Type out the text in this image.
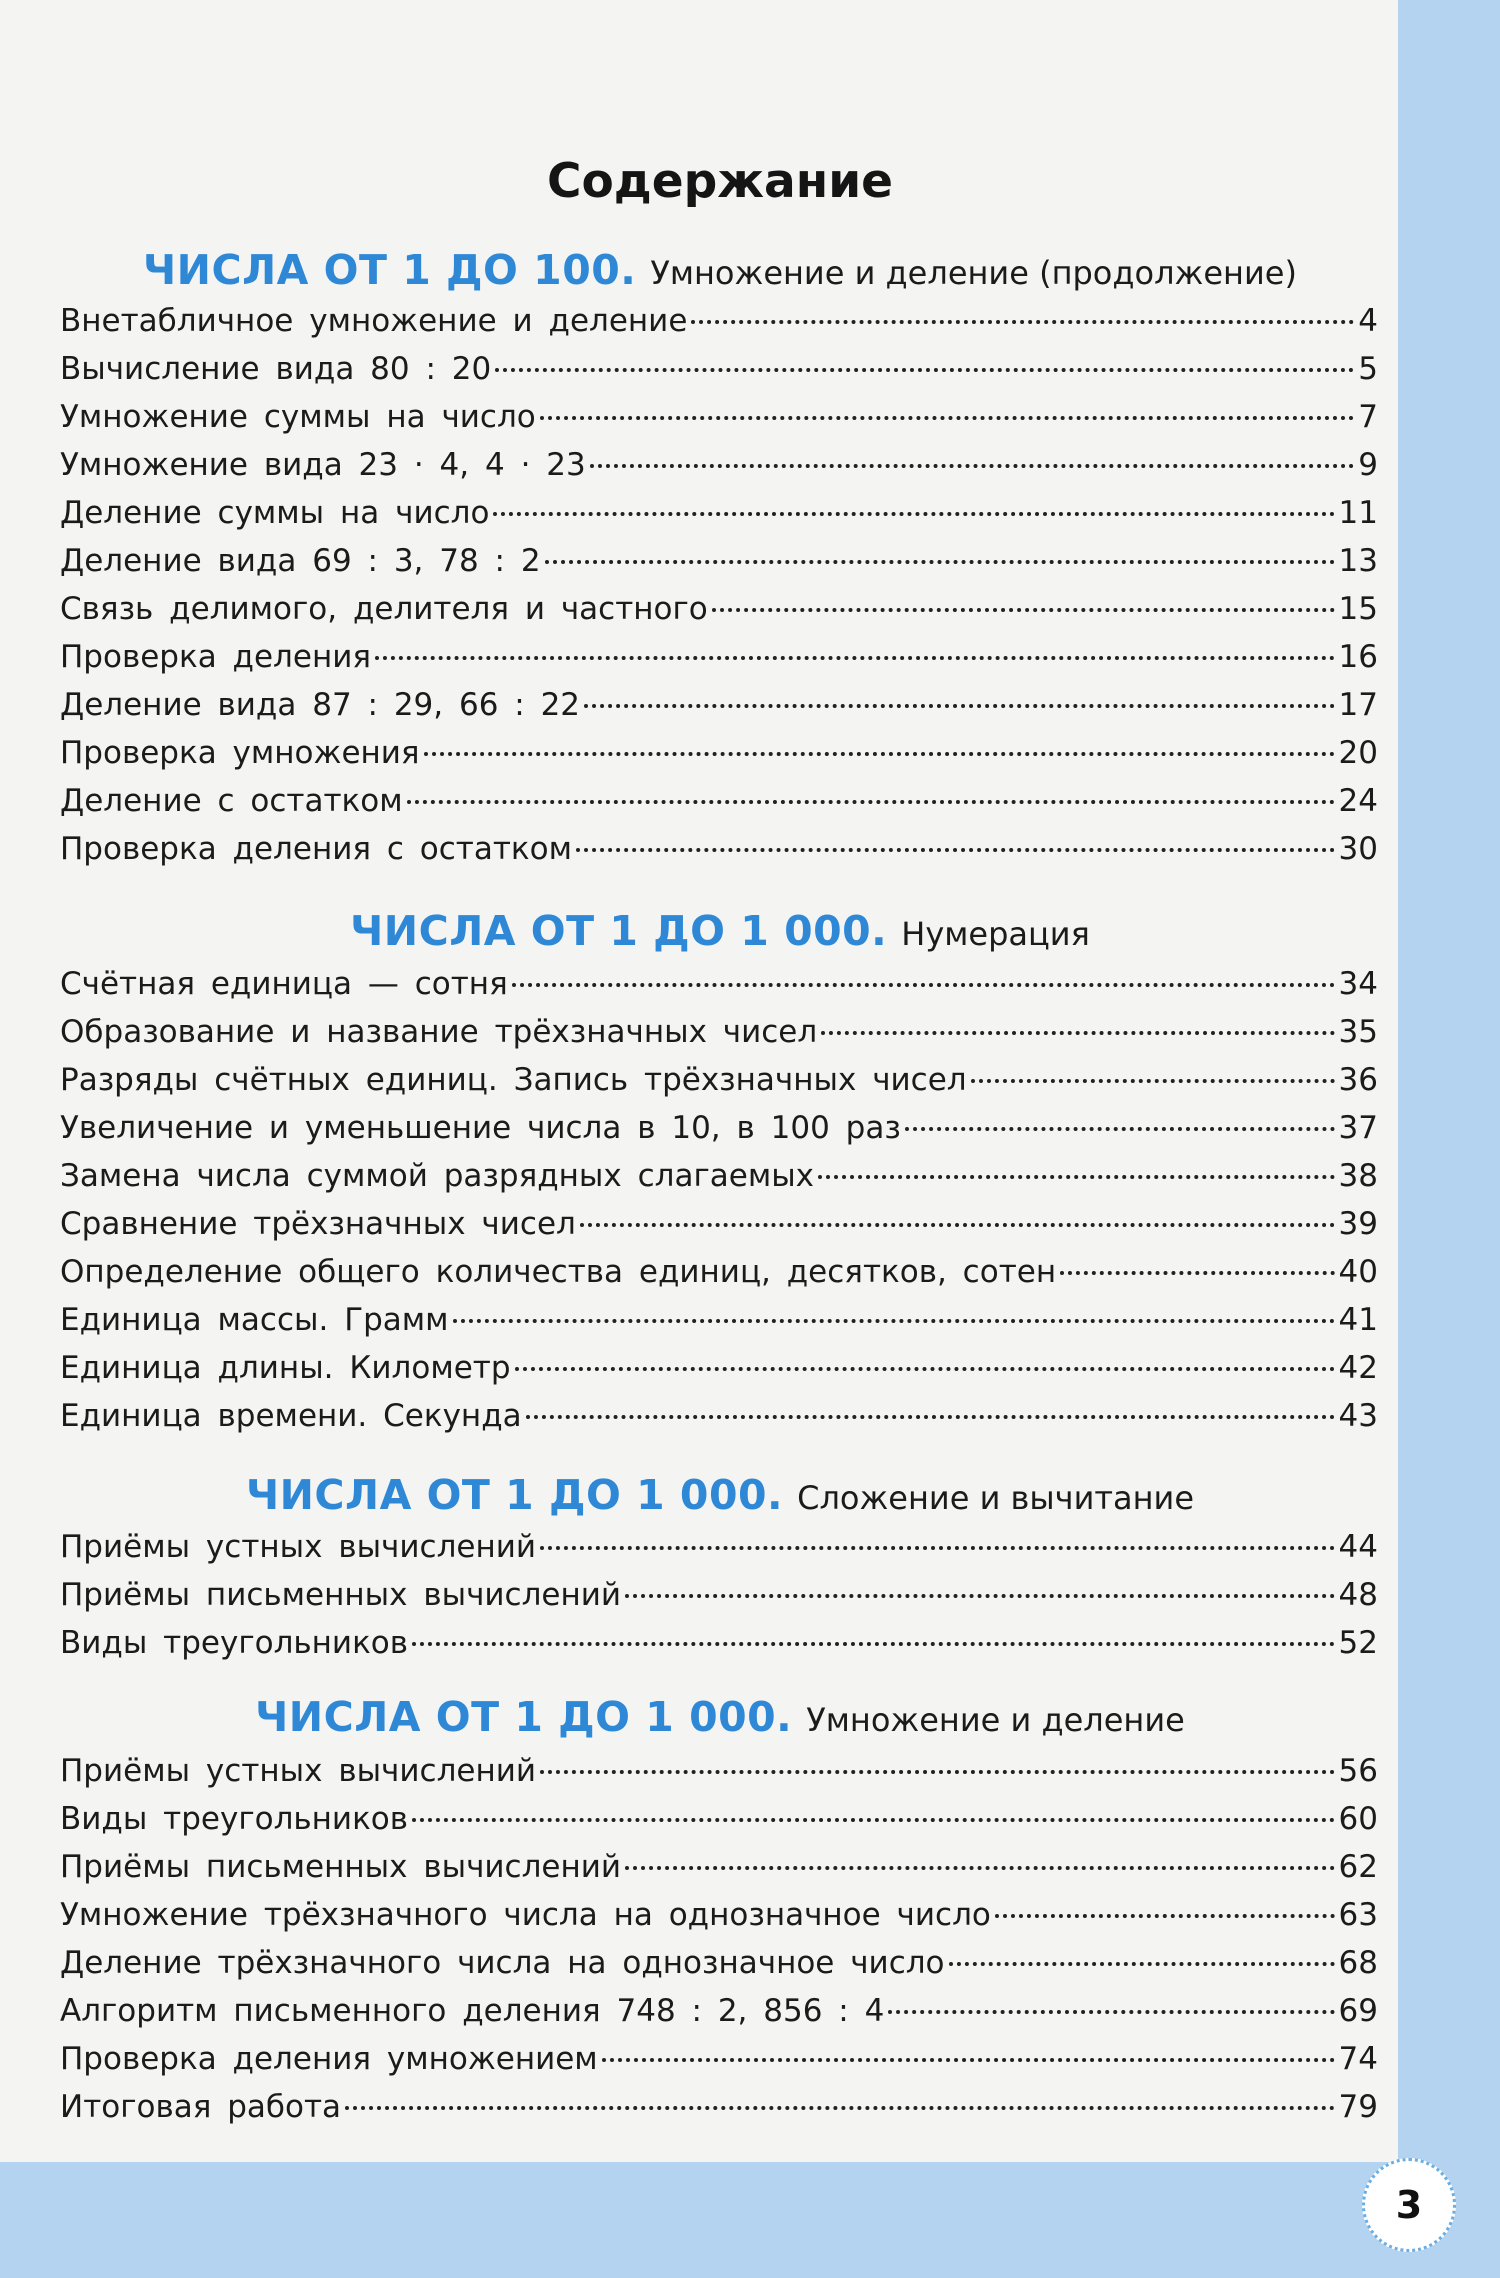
Содержание
ЧИСЛА ОТ 1 ДО 100. Умножение и деление (продолжение)
Внетабличное умножение и деление	4
Вычисление вида 80 : 20	5
Умножение суммы на число	7
Умножение вида 23 · 4, 4 · 23	9
Деление суммы на число	11
Деление вида 69 : 3, 78 : 2	13
Связь делимого, делителя и частного	15
Проверка деления	16
Деление вида 87 : 29, 66 : 22	17
Проверка умножения	20
Деление с остатком	24
Проверка деления с остатком	30
ЧИСЛА ОТ 1 ДО 1 000. Нумерация
Счётная единица — сотня	34
Образование и название трёхзначных чисел	35
Разряды счётных единиц. Запись трёхзначных чисел	36
Увеличение и уменьшение числа в 10, в 100 раз	37
Замена числа суммой разрядных слагаемых	38
Сравнение трёхзначных чисел	39
Определение общего количества единиц, десятков, сотен	40
Единица массы. Грамм	41
Единица длины. Километр	42
Единица времени. Секунда	43
ЧИСЛА ОТ 1 ДО 1 000. Сложение и вычитание
Приёмы устных вычислений	44
Приёмы письменных вычислений	48
Виды треугольников	52
ЧИСЛА ОТ 1 ДО 1 000. Умножение и деление
Приёмы устных вычислений	56
Виды треугольников	60
Приёмы письменных вычислений	62
Умножение трёхзначного числа на однозначное число	63
Деление трёхзначного числа на однозначное число	68
Алгоритм письменного деления 748 : 2, 856 : 4	69
Проверка деления умножением	74
Итоговая работа	79
3
